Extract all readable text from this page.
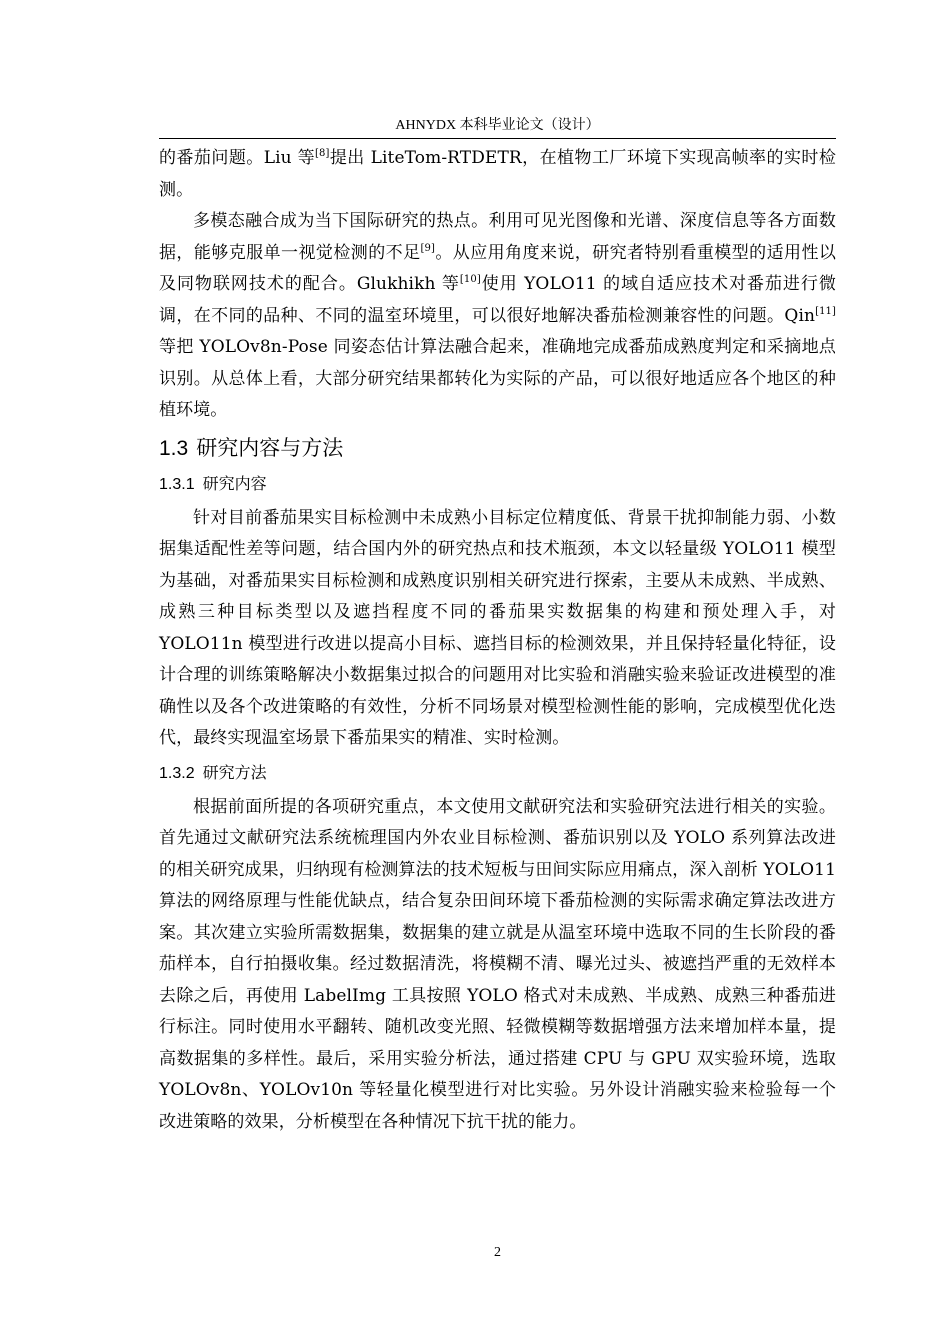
AHNYDX 本科毕业论文（设计）

的番茄问题。Liu 等[8]提出 LiteTom-RTDETR，在植物工厂环境下实现高帧率的实时检测。

多模态融合成为当下国际研究的热点。利用可见光图像和光谱、深度信息等各方面数据，能够克服单一视觉检测的不足[9]。从应用角度来说，研究者特别看重模型的适用性以及同物联网技术的配合。Glukhikh 等[10]使用 YOLO11 的域自适应技术对番茄进行微调，在不同的品种、不同的温室环境里，可以很好地解决番茄检测兼容性的问题。Qin[11]等把 YOLOv8n-Pose 同姿态估计算法融合起来，准确地完成番茄成熟度判定和采摘地点识别。从总体上看，大部分研究结果都转化为实际的产品，可以很好地适应各个地区的种植环境。

1.3 研究内容与方法
1.3.1 研究内容

针对目前番茄果实目标检测中未成熟小目标定位精度低、背景干扰抑制能力弱、小数据集适配性差等问题，结合国内外的研究热点和技术瓶颈，本文以轻量级 YOLO11 模型为基础，对番茄果实目标检测和成熟度识别相关研究进行探索，主要从未成熟、半成熟、成熟三种目标类型以及遮挡程度不同的番茄果实数据集的构建和预处理入手，对 YOLO11n 模型进行改进以提高小目标、遮挡目标的检测效果，并且保持轻量化特征，设计合理的训练策略解决小数据集过拟合的问题用对比实验和消融实验来验证改进模型的准确性以及各个改进策略的有效性，分析不同场景对模型检测性能的影响，完成模型优化迭代，最终实现温室场景下番茄果实的精准、实时检测。

1.3.2 研究方法

根据前面所提的各项研究重点，本文使用文献研究法和实验研究法进行相关的实验。首先通过文献研究法系统梳理国内外农业目标检测、番茄识别以及 YOLO 系列算法改进的相关研究成果，归纳现有检测算法的技术短板与田间实际应用痛点，深入剖析 YOLO11 算法的网络原理与性能优缺点，结合复杂田间环境下番茄检测的实际需求确定算法改进方案。其次建立实验所需数据集，数据集的建立就是从温室环境中选取不同的生长阶段的番茄样本，自行拍摄收集。经过数据清洗，将模糊不清、曝光过头、被遮挡严重的无效样本去除之后，再使用 LabelImg 工具按照 YOLO 格式对未成熟、半成熟、成熟三种番茄进行标注。同时使用水平翻转、随机改变光照、轻微模糊等数据增强方法来增加样本量，提高数据集的多样性。最后，采用实验分析法，通过搭建 CPU 与 GPU 双实验环境，选取 YOLOv8n、YOLOv10n 等轻量化模型进行对比实验。另外设计消融实验来检验每一个改进策略的效果，分析模型在各种情况下抗干扰的能力。

2
